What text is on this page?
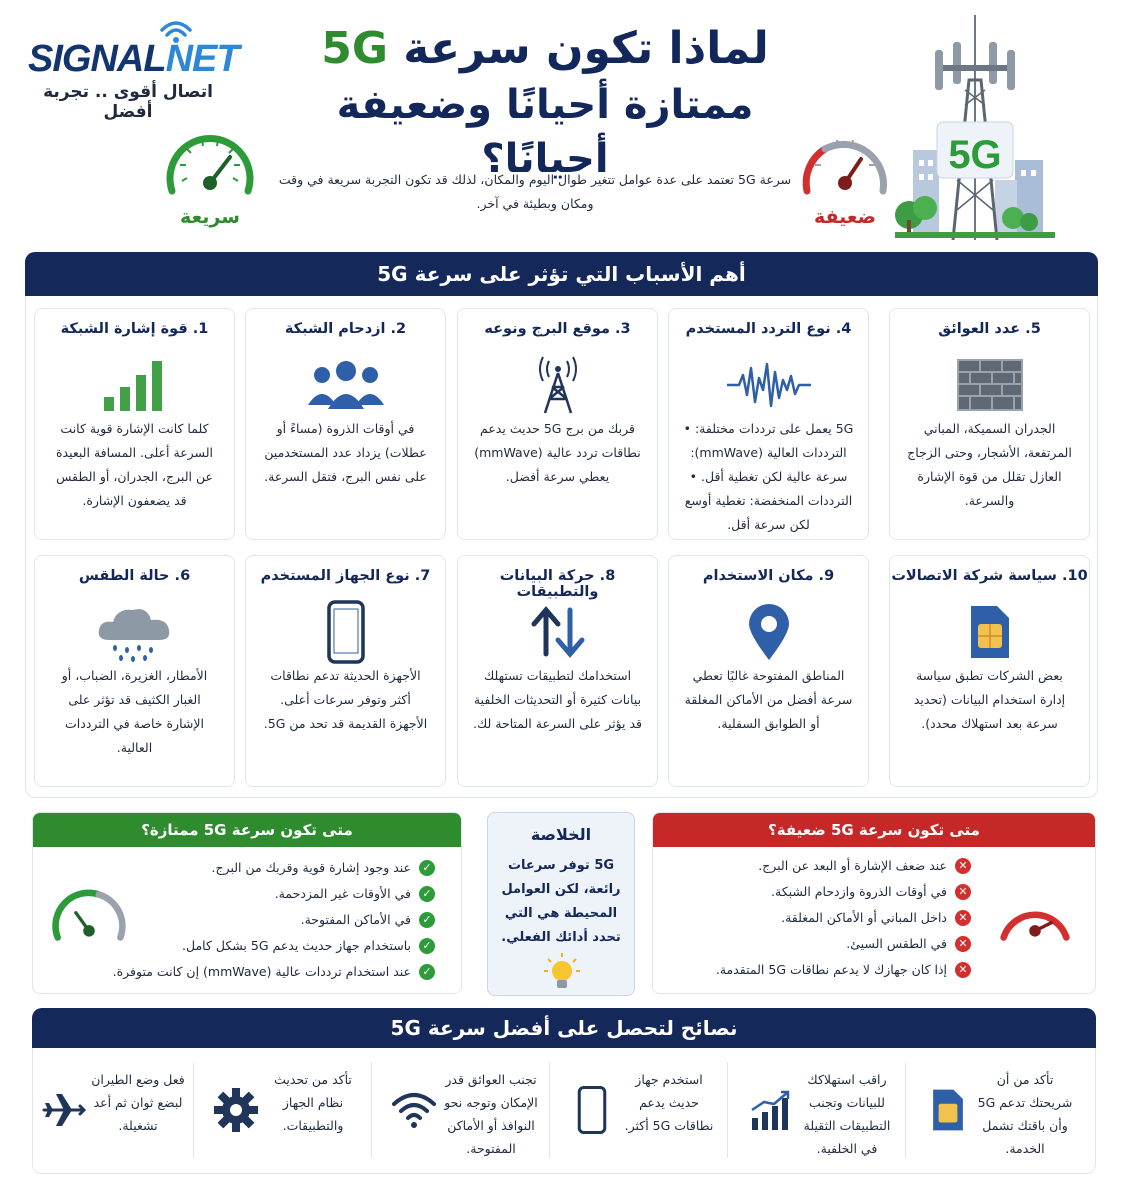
SIGNALNET
اتصال أقوى .. تجربة أفضل
لماذا تكون سرعة 5G
ممتازة أحيانًا وضعيفة أحيانًا؟
سريعة	ضعيفة
سرعة 5G تعتمد على عدة عوامل تتغير طوال اليوم والمكان، لذلك قد تكون التجربة سريعة في وقت ومكان وبطيئة في آخر.
5G
أهم الأسباب التي تؤثر على سرعة 5G
1. قوة إشارة الشبكة
كلما كانت الإشارة قوية كانت السرعة أعلى. المسافة البعيدة عن البرج، الجدران، أو الطقس قد يضعفون الإشارة.
2. ازدحام الشبكة
في أوقات الذروة (مساءً أو عطلات) يزداد عدد المستخدمين على نفس البرج، فتقل السرعة.
3. موقع البرج ونوعه
قربك من برج 5G حديث يدعم نطاقات تردد عالية (mmWave) يعطي سرعة أفضل.
4. نوع التردد المستخدم
5G يعمل على ترددات مختلفة: • الترددات العالية (mmWave): سرعة عالية لكن تغطية أقل. • الترددات المنخفضة: تغطية أوسع لكن سرعة أقل.
5. عدد العوائق
الجدران السميكة، المباني المرتفعة، الأشجار، وحتى الزجاج العازل تقلل من قوة الإشارة والسرعة.
6. حالة الطقس
الأمطار، الغزيرة، الضباب، أو الغبار الكثيف قد تؤثر على الإشارة خاصة في الترددات العالية.
7. نوع الجهاز المستخدم
الأجهزة الحديثة تدعم نطاقات أكثر وتوفر سرعات أعلى. الأجهزة القديمة قد تحد من 5G.
8. حركة البيانات والتطبيقات
استخدامك لتطبيقات تستهلك بيانات كثيرة أو التحديثات الخلفية قد يؤثر على السرعة المتاحة لك.
9. مكان الاستخدام
المناطق المفتوحة غالبًا تعطي سرعة أفضل من الأماكن المغلقة أو الطوابق السفلية.
10. سياسة شركة الاتصالات
بعض الشركات تطبق سياسة إدارة استخدام البيانات (تحديد سرعة بعد استهلاك محدد).
متى تكون سرعة 5G ممتازة؟
✓
عند وجود إشارة قوية وقربك من البرج.
✓
في الأوقات غير المزدحمة.
✓
في الأماكن المفتوحة.
✓
باستخدام جهاز حديث يدعم 5G بشكل كامل.
✓
عند استخدام ترددات عالية (mmWave) إن كانت متوفرة.
الخلاصة
5G توفر سرعات رائعة، لكن العوامل المحيطة هي التي تحدد أدائك الفعلي.
متى تكون سرعة 5G ضعيفة؟
✕
عند ضعف الإشارة أو البعد عن البرج.
✕
في أوقات الذروة وازدحام الشبكة.
✕
داخل المباني أو الأماكن المغلقة.
✕
في الطقس السيئ.
✕
إذا كان جهازك لا يدعم نطاقات 5G المتقدمة.
نصائح لتحصل على أفضل سرعة 5G
تأكد من أن شريحتك تدعم 5G وأن باقتك تشمل الخدمة.
راقب استهلاكك للبيانات وتجنب التطبيقات الثقيلة في الخلفية.
استخدم جهاز حديث يدعم نطاقات 5G أكثر.
تجنب العوائق قدر الإمكان وتوجه نحو النوافذ أو الأماكن المفتوحة.
تأكد من تحديث نظام الجهاز والتطبيقات.
فعل وضع الطيران لبضع ثوان ثم أعد تشغيلة.
